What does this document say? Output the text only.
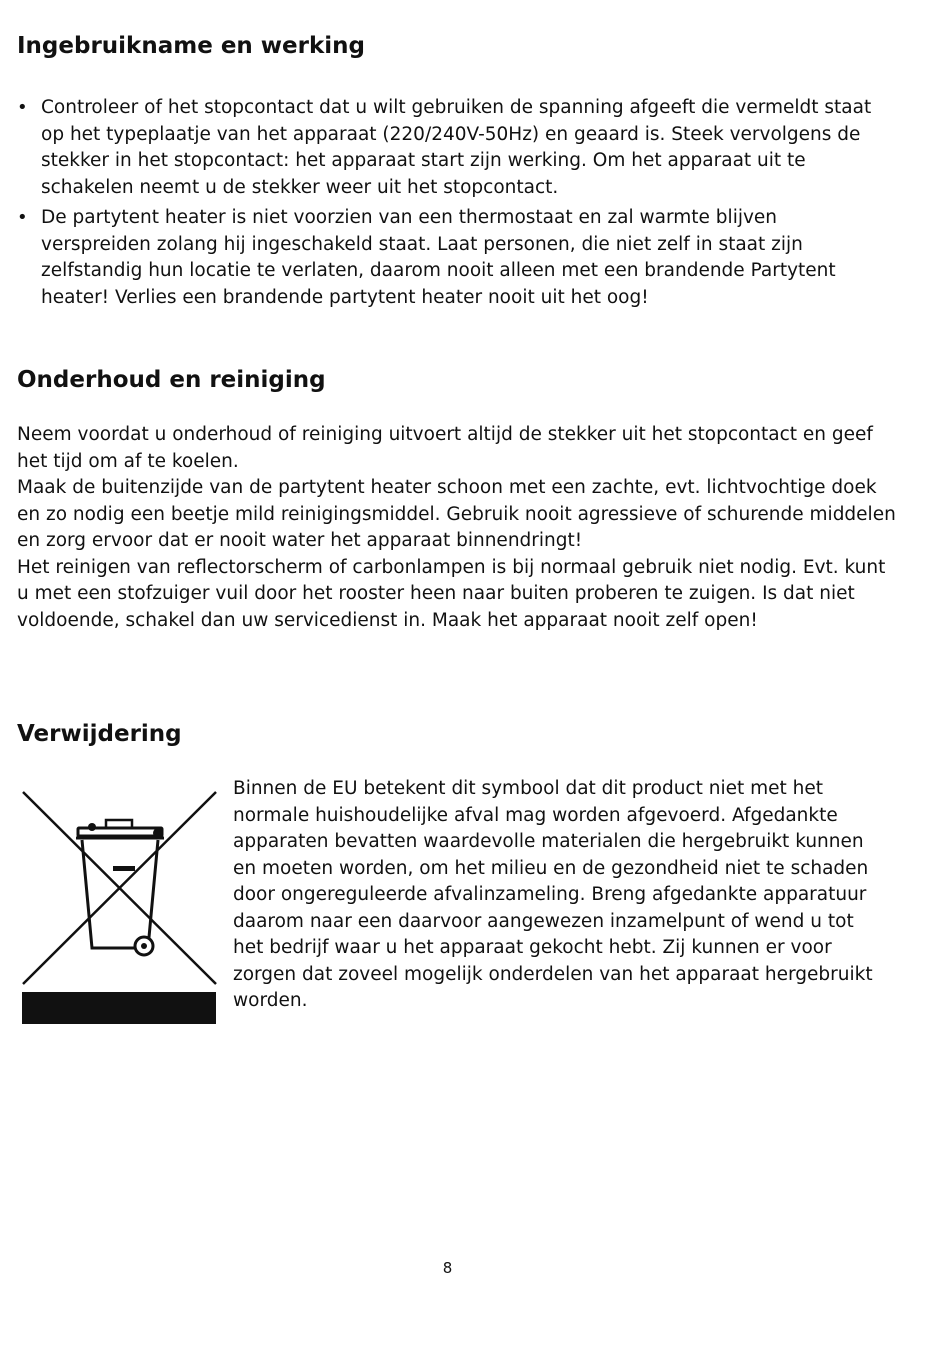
Ingebruikname en werking
• Controleer of het stopcontact dat u wilt gebruiken de spanning afgeeft die vermeldt staat op het typeplaatje van het apparaat (220/240V-50Hz) en geaard is. Steek vervolgens de stekker in het stopcontact: het apparaat start zijn werking. Om het apparaat uit te schakelen neemt u de stekker weer uit het stopcontact.
• De partytent heater is niet voorzien van een thermostaat en zal warmte blijven verspreiden zolang hij ingeschakeld staat. Laat personen, die niet zelf in staat zijn zelfstandig hun locatie te verlaten, daarom nooit alleen met een brandende Partytent heater! Verlies een brandende partytent heater nooit uit het oog!
Onderhoud en reiniging

Neem voordat u onderhoud of reiniging uitvoert altijd de stekker uit het stopcontact en geef het tijd om af te koelen.

Maak de buitenzijde van de partytent heater schoon met een zachte, evt. lichtvochtige doek en zo nodig een beetje mild reinigingsmiddel. Gebruik nooit agressieve of schurende middelen en zorg ervoor dat er nooit water het apparaat binnendringt!

Het reinigen van reflectorscherm of carbonlampen is bij normaal gebruik niet nodig. Evt. kunt u met een stofzuiger vuil door het rooster heen naar buiten proberen te zuigen. Is dat niet voldoende, schakel dan uw servicedienst in. Maak het apparaat nooit zelf open!

Verwijdering

Binnen de EU betekent dit symbool dat dit product niet met het normale huishoudelijke afval mag worden afgevoerd. Afgedankte apparaten bevatten waardevolle materialen die hergebruikt kunnen en moeten worden, om het milieu en de gezondheid niet te schaden door ongereguleerde afvalinzameling. Breng afgedankte apparatuur daarom naar een daarvoor aangewezen inzamelpunt of wend u tot het bedrijf waar u het apparaat gekocht hebt. Zij kunnen er voor zorgen dat zoveel mogelijk onderdelen van het apparaat hergebruikt worden.

8
